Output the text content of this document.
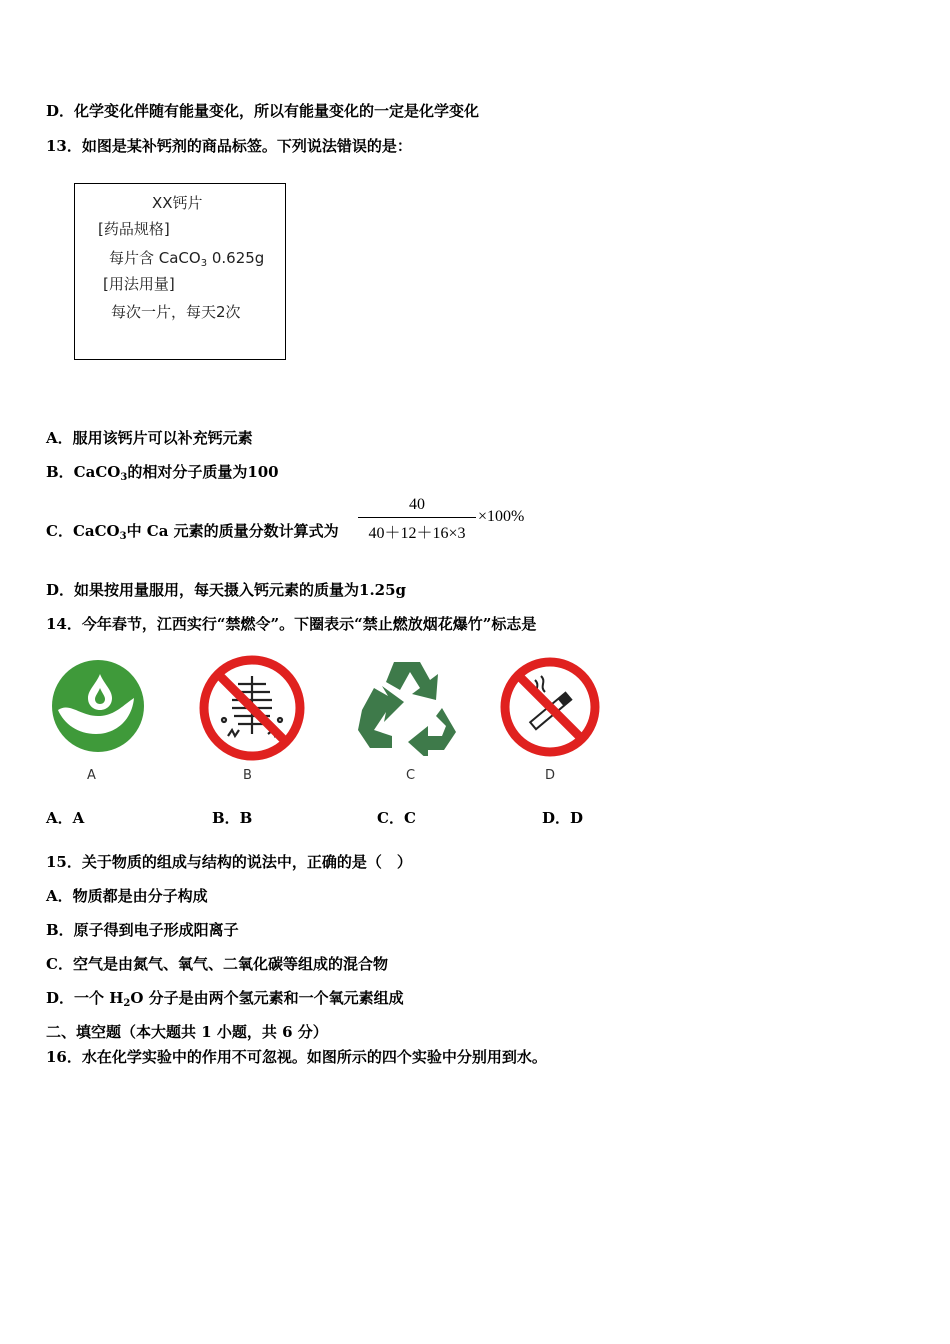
D．化学变化伴随有能量变化，所以有能量变化的一定是化学变化
13．如图是某补钙剂的商品标签。下列说法错误的是：
XX钙片
[药品规格]
每片含 CaCO$_3$ 0.625g
[用法用量]
每次一片，每天2次
A．服用该钙片可以补充钙元素
B．CaCO$_3$的相对分子质量为100
C．CaCO$_3$中 Ca 元素的质量分数计算式为
40
40＋12＋16×3
×100%
D．如果按用量服用，每天摄入钙元素的质量为1.25g
14．今年春节，江西实行“禁燃令”。下圈表示“禁止燃放烟花爆竹”标志是
A	B	C	D
A．A	B．B	C．C	D．D
15．关于物质的组成与结构的说法中，正确的是（　）
A．物质都是由分子构成
B．原子得到电子形成阳离子
C．空气是由氮气、氧气、二氧化碳等组成的混合物
D．一个 $H_2O$ 分子是由两个氢元素和一个氧元素组成
二、填空题（本大题共 1 小题，共 6 分）
16．水在化学实验中的作用不可忽视。如图所示的四个实验中分别用到水。
